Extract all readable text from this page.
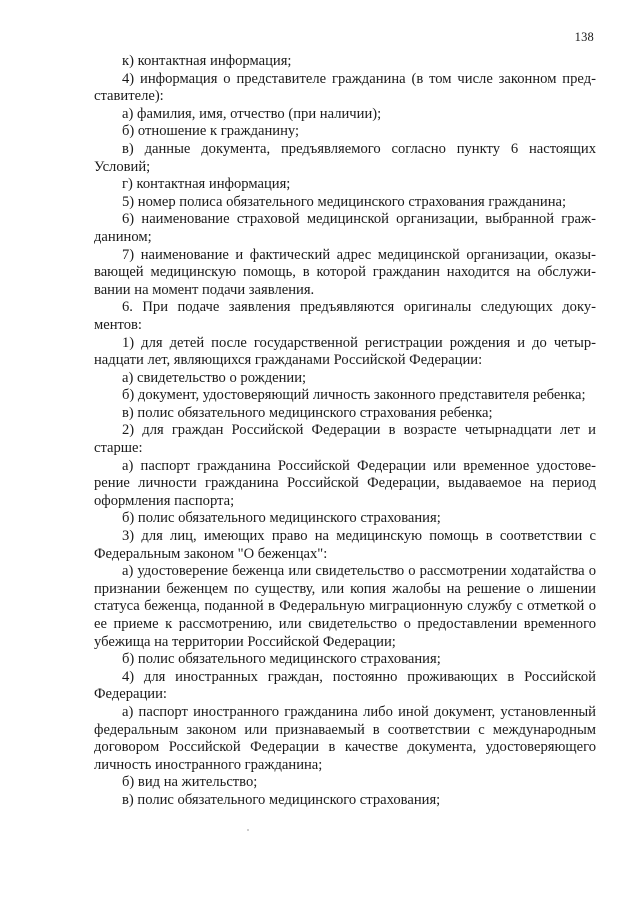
138

к) контактная информация;

4) информация о представителе гражданина (в том числе законном представителе):

а) фамилия, имя, отчество (при наличии);

б) отношение к гражданину;

в) данные документа, предъявляемого согласно пункту 6 настоящих Условий;

г) контактная информация;

5) номер полиса обязательного медицинского страхования гражданина;

6) наименование страховой медицинской организации, выбранной гражданином;

7) наименование и фактический адрес медицинской организации, оказывающей медицинскую помощь, в которой гражданин находится на обслуживании на момент подачи заявления.

6. При подаче заявления предъявляются оригиналы следующих документов:

1) для детей после государственной регистрации рождения и до четырнадцати лет, являющихся гражданами Российской Федерации:

а) свидетельство о рождении;

б) документ, удостоверяющий личность законного представителя ребенка;

в) полис обязательного медицинского страхования ребенка;

2) для граждан Российской Федерации в возрасте четырнадцати лет и старше:

а) паспорт гражданина Российской Федерации или временное удостоверение личности гражданина Российской Федерации, выдаваемое на период оформления паспорта;

б) полис обязательного медицинского страхования;

3) для лиц, имеющих право на медицинскую помощь в соответствии с Федеральным законом "О беженцах":

а) удостоверение беженца или свидетельство о рассмотрении ходатайства о признании беженцем по существу, или копия жалобы на решение о лишении статуса беженца, поданной в Федеральную миграционную службу с отметкой о ее приеме к рассмотрению, или свидетельство о предоставлении временного убежища на территории Российской Федерации;

б) полис обязательного медицинского страхования;

4) для иностранных граждан, постоянно проживающих в Российской Федерации:

а) паспорт иностранного гражданина либо иной документ, установленный федеральным законом или признаваемый в соответствии с международным договором Российской Федерации в качестве документа, удостоверяющего личность иностранного гражданина;

б) вид на жительство;

в) полис обязательного медицинского страхования;
